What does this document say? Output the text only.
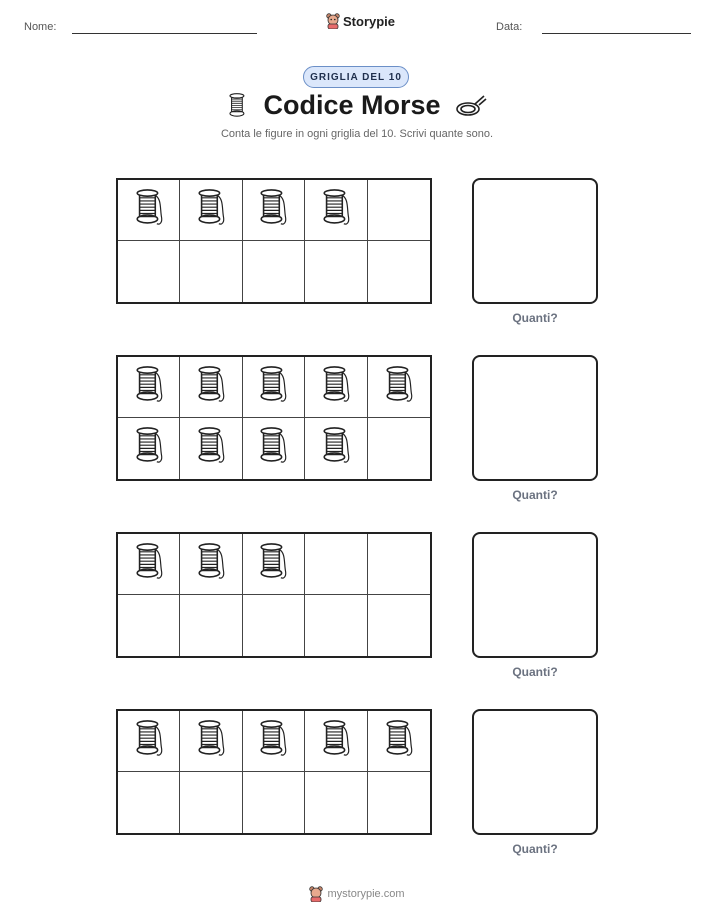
Nome:	Storypie	Data:
GRIGLIA DEL 10
Codice Morse
Conta le figure in ogni griglia del 10. Scrivi quante sono.
Quanti?
Quanti?
Quanti?
Quanti?
mystorypie.com
